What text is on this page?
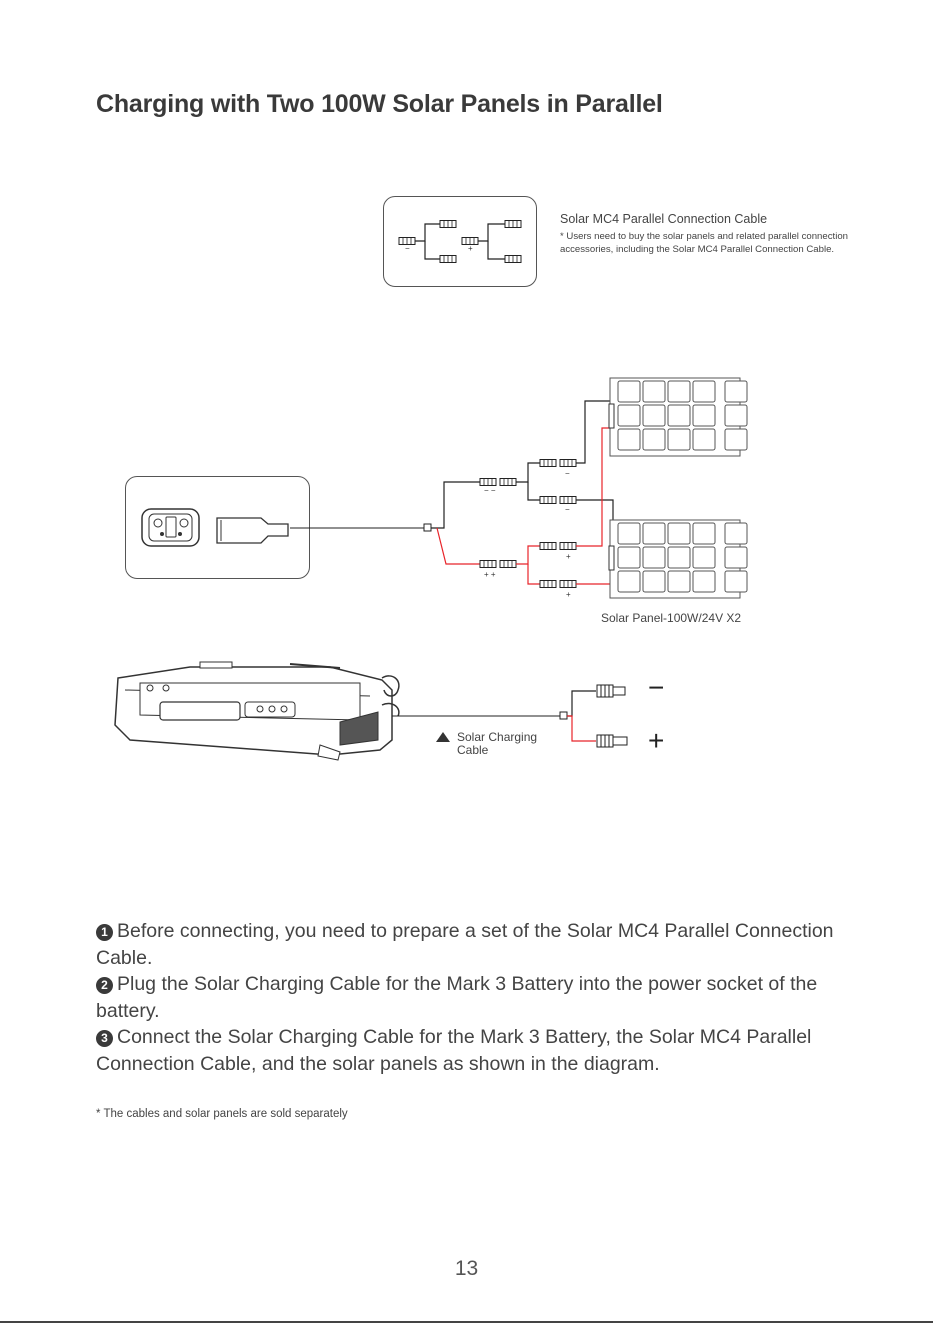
Charging with Two 100W Solar Panels in Parallel

Solar MC4 Parallel Connection Cable

* Users need to buy the solar panels and related parallel connection accessories, including the Solar MC4 Parallel Connection Cable.

−	+
− −
−
−
+ +
+
+
Solar Panel-100W/24V X2
Solar Charging
Cable
−
+

1 Before connecting, you need to prepare a set of the Solar MC4 Parallel Connection Cable.

2 Plug the Solar Charging Cable for the Mark 3 Battery into the power socket of the battery.

3 Connect the Solar Charging Cable for the Mark 3 Battery, the Solar MC4 Parallel Connection Cable, and the solar panels as shown in the diagram.

* The cables and solar panels are sold separately

13
